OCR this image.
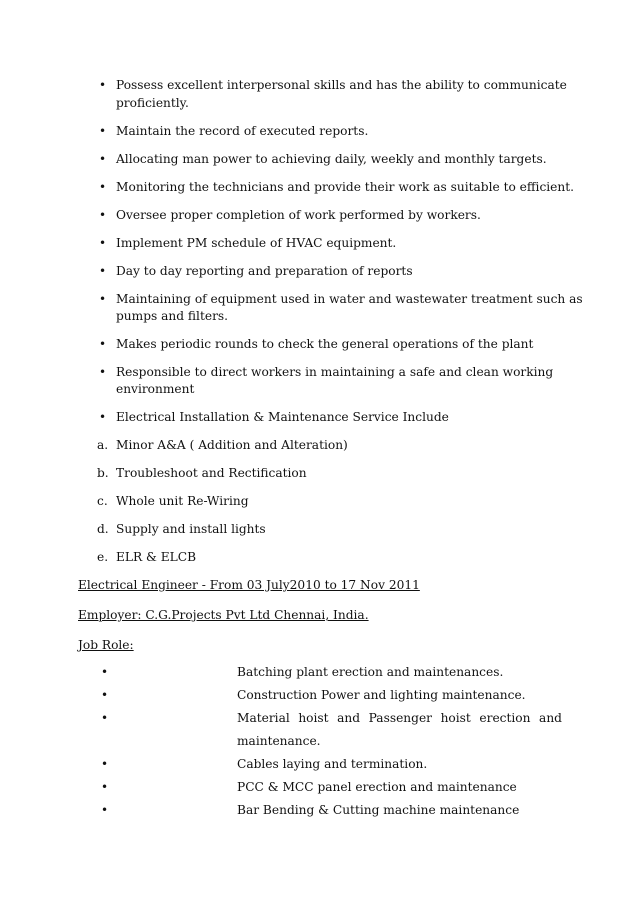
• Possess excellent interpersonal skills and has the ability to communicate
proficiently.
• Maintain the record of executed reports.
• Allocating man power to achieving daily, weekly and monthly targets.
• Monitoring the technicians and provide their work as suitable to efficient.
• Oversee proper completion of work performed by workers.
• Implement PM schedule of HVAC equipment.
• Day to day reporting and preparation of reports
• Maintaining of equipment used in water and wastewater treatment such as
pumps and filters.
• Makes periodic rounds to check the general operations of the plant
• Responsible to direct workers in maintaining a safe and clean working
environment
• Electrical Installation & Maintenance Service Include
a. Minor A&A ( Addition and Alteration)
b. Troubleshoot and Rectification
c. Whole unit Re-Wiring
d. Supply and install lights
e. ELR & ELCB
Electrical Engineer - From 03 July2010 to 17 Nov 2011
Employer: C.G.Projects Pvt Ltd Chennai, India.
Job Role:
•	Batching plant erection and maintenances.
•	Construction Power and lighting maintenance.
•	Material hoist and Passenger hoist erection and
maintenance.
•	Cables laying and termination.
•	PCC & MCC panel erection and maintenance
•	Bar Bending & Cutting machine maintenance
